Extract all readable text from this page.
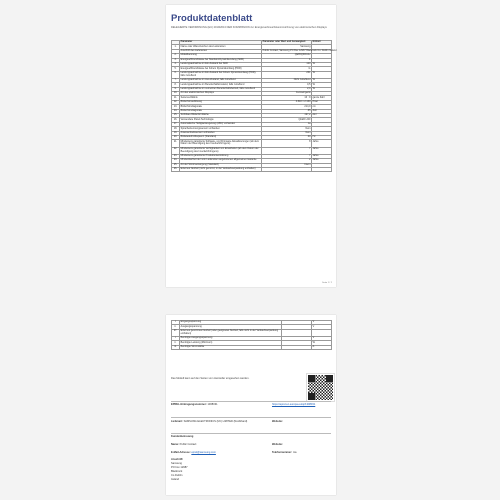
Produktdatenblatt
DELEGIERTE VERORDNUNG (EU) 2019/2013 DER KOMMISSION zur Energieverbrauchskennzeichnung von elektronischen Displays
	Parameter	Parameter oder Wert und Genauigkeit	Einheit
1.	Name oder Warenzeichen des Lieferanten	Samsung	
	Anschrift des Lieferanten	Public Contact, Samsung PO Box 12987 Blackrock Co. Dublin Ireland	
2.	Modellkennung	QE85Q60CAU	
3.	Energieeffizienzklasse bei Standard-Dynamikumfang (SDR)	F	
4.	Leistungsaufnahme im Ein-Zustand bei SDR	120	W
5.	Energieeffizienzklasse bei hohem Dynamikumfang (HDR)	G	
6.	Leistungsaufnahme im Ein-Zustand bei hohem Dynamikumfang (HDR), falls zutreffend	261	W
7.	Leistungsaufnahme im Aus-Zustand, falls zutreffend	Nicht zutreffend	W
8.	Leistungsaufnahme im Bereitschaftszustand, falls zutreffend	0,5	W
9.	Leistungsaufnahme im vernetzten Bereitschaftsbetrieb, falls zutreffend	2,0	W
10.	Art des elektronischen Displays	Fernsehgerät	
11.	Seitenverhältnis	16 : 9	ganze Zahl
12.	Bildschirmauflösung	3.840 × 2.160	Pixel
13.	Bildschirmdiagonale	214,0	cm
14.	Bildschirmdiagonale	85	Zoll
15.	Sichtbare Bildschirmfläche	197,2	dm²
16.	Verwendete Panel-Technologie	QLED LCD	
17.	Automatische Helligkeitsregelung (ABC) vorhanden	Ja	
18.	Spracherkennungssensor vorhanden	Nein	
19.	Anwesenheitssensor vorhanden	Nein	
20.	Bildwiederholfrequenz (Standard)	60	Hz
21.	Mindestens garantierte Software- und Firmware-Aktualisierungen (ab dem Datum der Beendigung des Inverkehrbringens)	8	Jahre
22.	Mindestens garantierte Verfügbarkeit von Ersatzteilen (ab dem Datum der Beendigung des Inverkehrbringens)	7	Jahre
23.	Mindestens garantierte Produktunterstützung	7	Jahre
24.	Mindestlaufzeit der vom Lieferanten angebotenen allgemeinen Garantie	2	Jahre
25.	Art der Stromversorgung (Standard)	Intern	
26.	Externes Netzteil (nicht genormt, in der Verkaufsverpackung enthalten)		
Seite 1 / 2
i.	Eingangsspannung		V
ii.	Ausgangsspannung		V
27.	Externes genormtes Netzteil (oder geeignetes Netzteil, falls nicht in der Verkaufsverpackung enthalten)		
i.	Benötigte Ausgangsspannung		V
ii.	Benötigte Leistung (Minimum)		W
iii.	Benötigte Stromstärke		A
Das Modell kann auf den Seiten vom Hersteller eingesehen werden.
EPREL-Eintragungsnummer: 1308031	https://eprel.ec.europa.eu/qr/1308031
Lieferant: SAMSUNG ELECTRONICS (UK) LIMITED (Nordirland)	Website:
Kundenbetreuung
Name: Public Contact	Website:
E-Mail-Adresse: eprel@samsung.com	Telefonnummer: n/a
Anschrift:
Samsung
PO box 12987
Blackrock
Co Dublin
Ireland
